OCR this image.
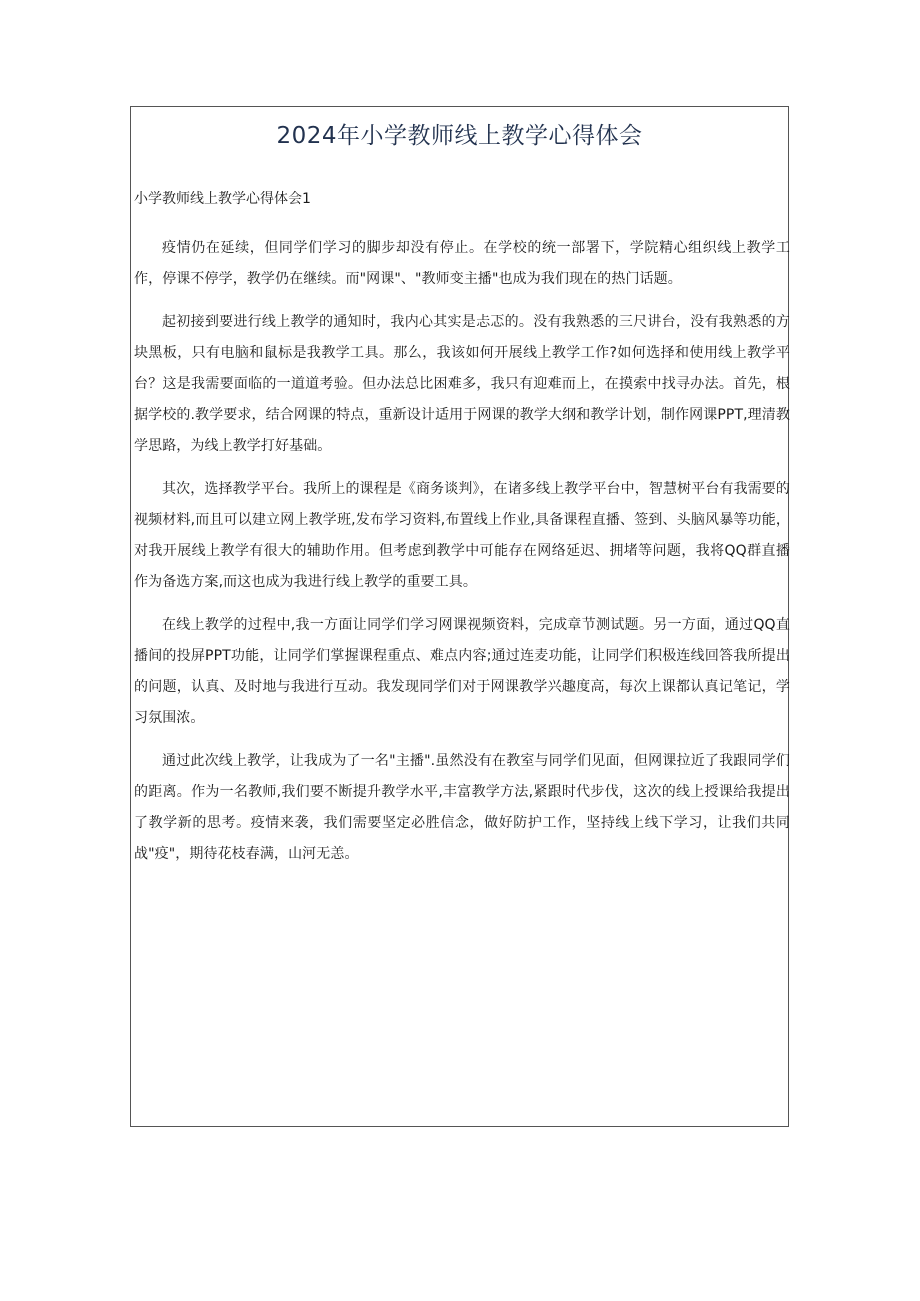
2024年小学教师线上教学心得体会

小学教师线上教学心得体会1

疫情仍在延续，但同学们学习的脚步却没有停止。在学校的统一部署下，学院精心组织线上教学工作，停课不停学，教学仍在继续。而"网课"、"教师变主播"也成为我们现在的热门话题。

起初接到要进行线上教学的通知时，我内心其实是忐忑的。没有我熟悉的三尺讲台，没有我熟悉的方块黑板，只有电脑和鼠标是我教学工具。那么，我该如何开展线上教学工作?如何选择和使用线上教学平台？这是我需要面临的一道道考验。但办法总比困难多，我只有迎难而上，在摸索中找寻办法。首先，根据学校的.教学要求，结合网课的特点，重新设计适用于网课的教学大纲和教学计划，制作网课PPT,理清教学思路，为线上教学打好基础。

其次，选择教学平台。我所上的课程是《商务谈判》，在诸多线上教学平台中，智慧树平台有我需要的视频材料,而且可以建立网上教学班,发布学习资料,布置线上作业,具备课程直播、签到、头脑风暴等功能，对我开展线上教学有很大的辅助作用。但考虑到教学中可能存在网络延迟、拥堵等问题，我将QQ群直播作为备选方案,而这也成为我进行线上教学的重要工具。

在线上教学的过程中,我一方面让同学们学习网课视频资料，完成章节测试题。另一方面，通过QQ直播间的投屏PPT功能，让同学们掌握课程重点、难点内容;通过连麦功能，让同学们积极连线回答我所提出的问题，认真、及时地与我进行互动。我发现同学们对于网课教学兴趣度高，每次上课都认真记笔记，学习氛围浓。

通过此次线上教学，让我成为了一名"主播".虽然没有在教室与同学们见面，但网课拉近了我跟同学们的距离。作为一名教师,我们要不断提升教学水平,丰富教学方法,紧跟时代步伐，这次的线上授课给我提出了教学新的思考。疫情来袭，我们需要坚定必胜信念，做好防护工作，坚持线上线下学习，让我们共同战"疫"，期待花枝春满，山河无恙。
